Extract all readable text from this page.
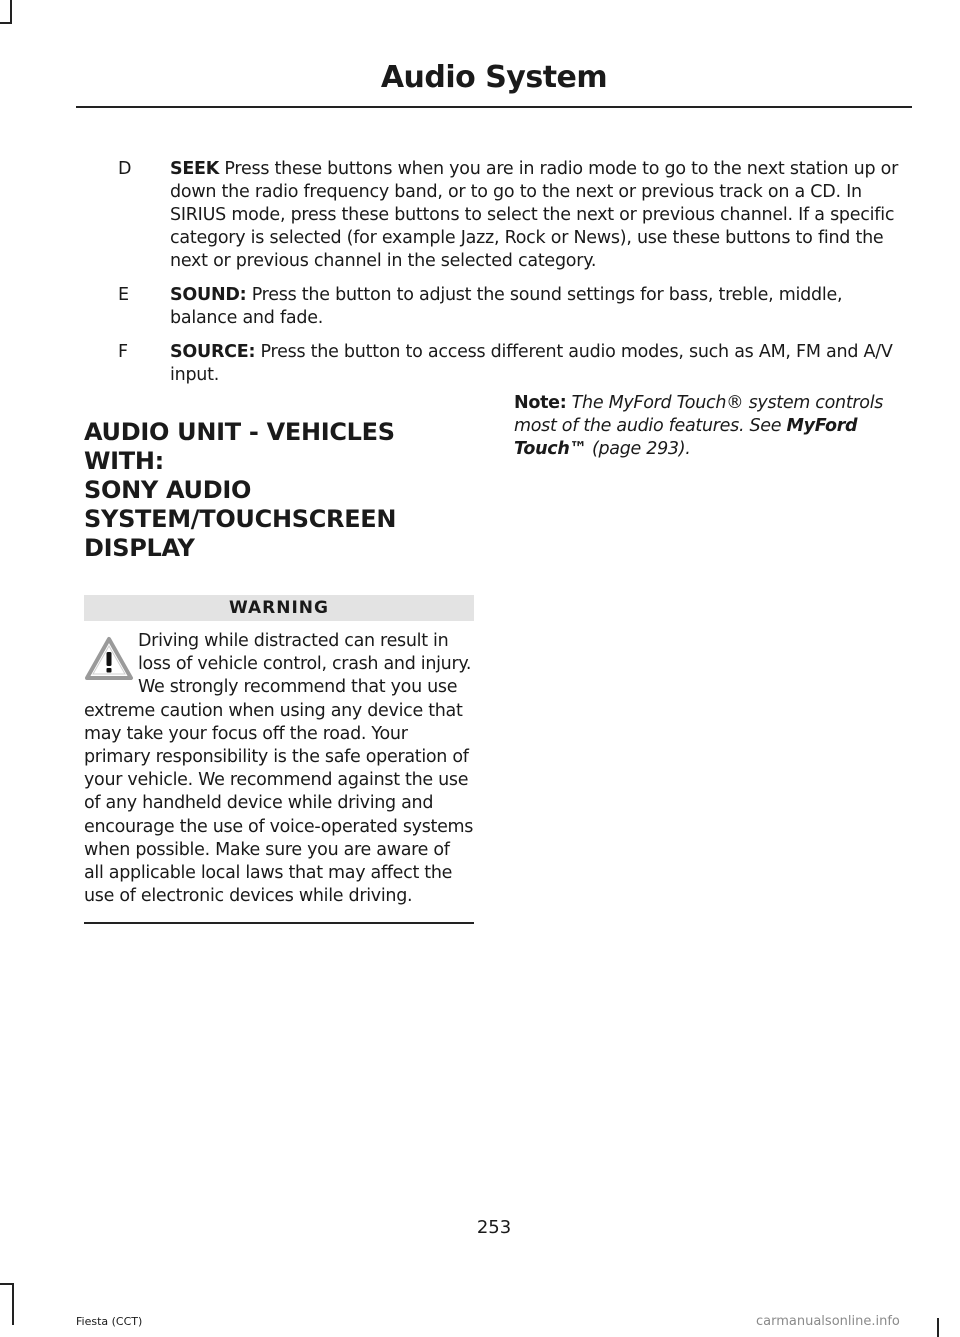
Audio System
D	SEEK Press these buttons when you are in radio mode to go to the next station up or down the radio frequency band, or to go to the next or previous track on a CD. In SIRIUS mode, press these buttons to select the next or previous channel. If a specific category is selected (for example Jazz, Rock or News), use these buttons to find the next or previous channel in the selected category.
E	SOUND: Press the button to adjust the sound settings for bass, treble, middle, balance and fade.
F	SOURCE: Press the button to access different audio modes, such as AM, FM and A/V input.
AUDIO UNIT - VEHICLES WITH:
SONY AUDIO
SYSTEM/TOUCHSCREEN
DISPLAY
WARNING
Driving while distracted can result in loss of vehicle control, crash and injury. We strongly recommend that you use extreme caution when using any device that may take your focus off the road. Your primary responsibility is the safe operation of your vehicle. We recommend against the use of any handheld device while driving and encourage the use of voice-operated systems when possible. Make sure you are aware of all applicable local laws that may affect the use of electronic devices while driving.
Note: The MyFord Touch® system controls most of the audio features. See MyFord Touch™ (page 293).
253
Fiesta (CCT)	carmanualsonline.info
